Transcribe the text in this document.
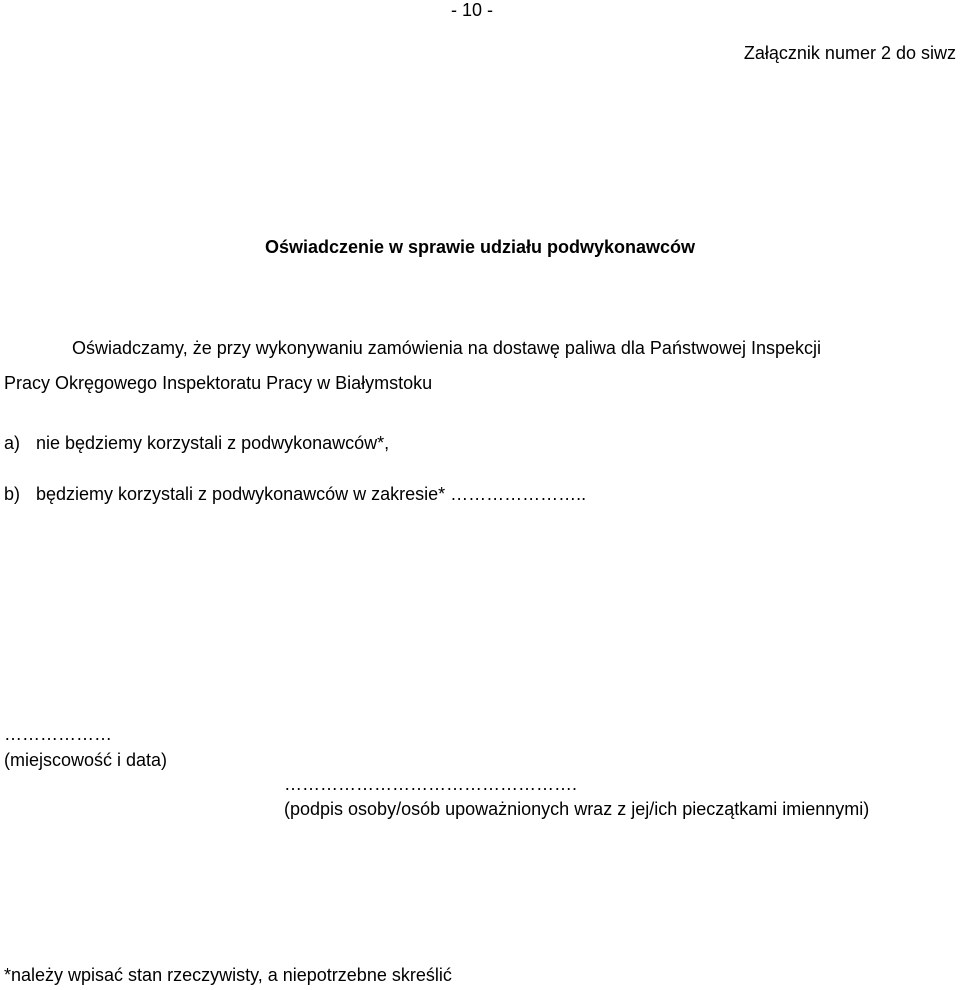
- 10 -
Załącznik numer 2 do siwz
Oświadczenie w sprawie udziału podwykonawców
Oświadczamy, że przy wykonywaniu zamówienia na dostawę paliwa dla Państwowej Inspekcji
Pracy Okręgowego Inspektoratu Pracy w Białymstoku
a) nie będziemy korzystali z podwykonawców*,
b) będziemy korzystali z podwykonawców w zakresie* …………………..
………………
(miejscowość i data)
………………………………………….
(podpis osoby/osób upoważnionych wraz z jej/ich pieczątkami imiennymi)
*należy wpisać stan rzeczywisty, a niepotrzebne skreślić
